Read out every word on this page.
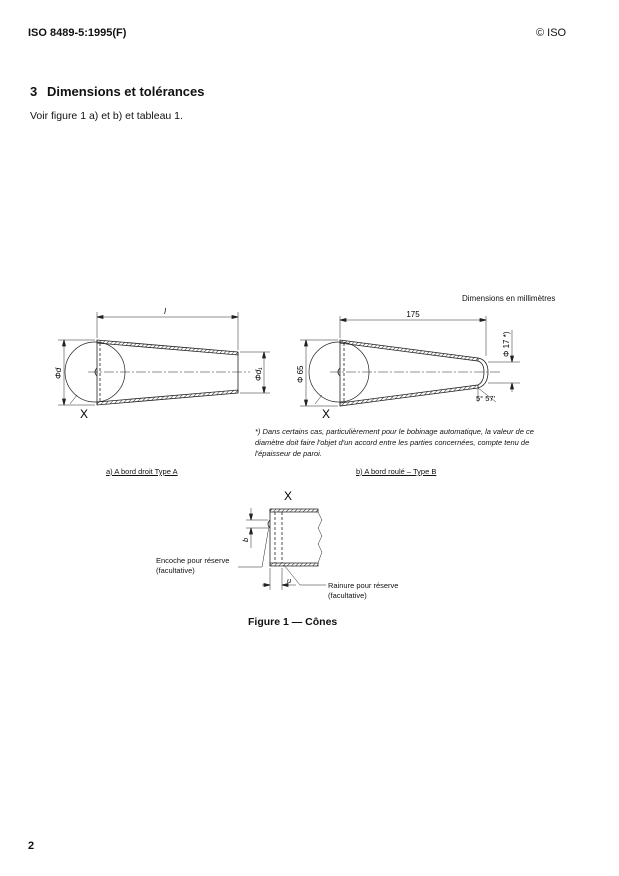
ISO 8489-5:1995(F)	© ISO
3 Dimensions et tolérances
Voir figure 1 a) et b) et tableau 1.
Dimensions en millimètres
l
Φd	Φd₁
X
175
Φ 65
Φ 17 *)
5° 57′
X
X
b
u
Encoche pour réserve
(facultative)
Rainure pour réserve
(facultative)
*) Dans certains cas, particulièrement pour le bobinage automatique, la valeur de ce diamètre doit faire l'objet d'un accord entre les parties concernées, compte tenu de l'épaisseur de paroi.
a) A bord droit Type A	b) A bord roulé – Type B
Figure 1 — Cônes
2
